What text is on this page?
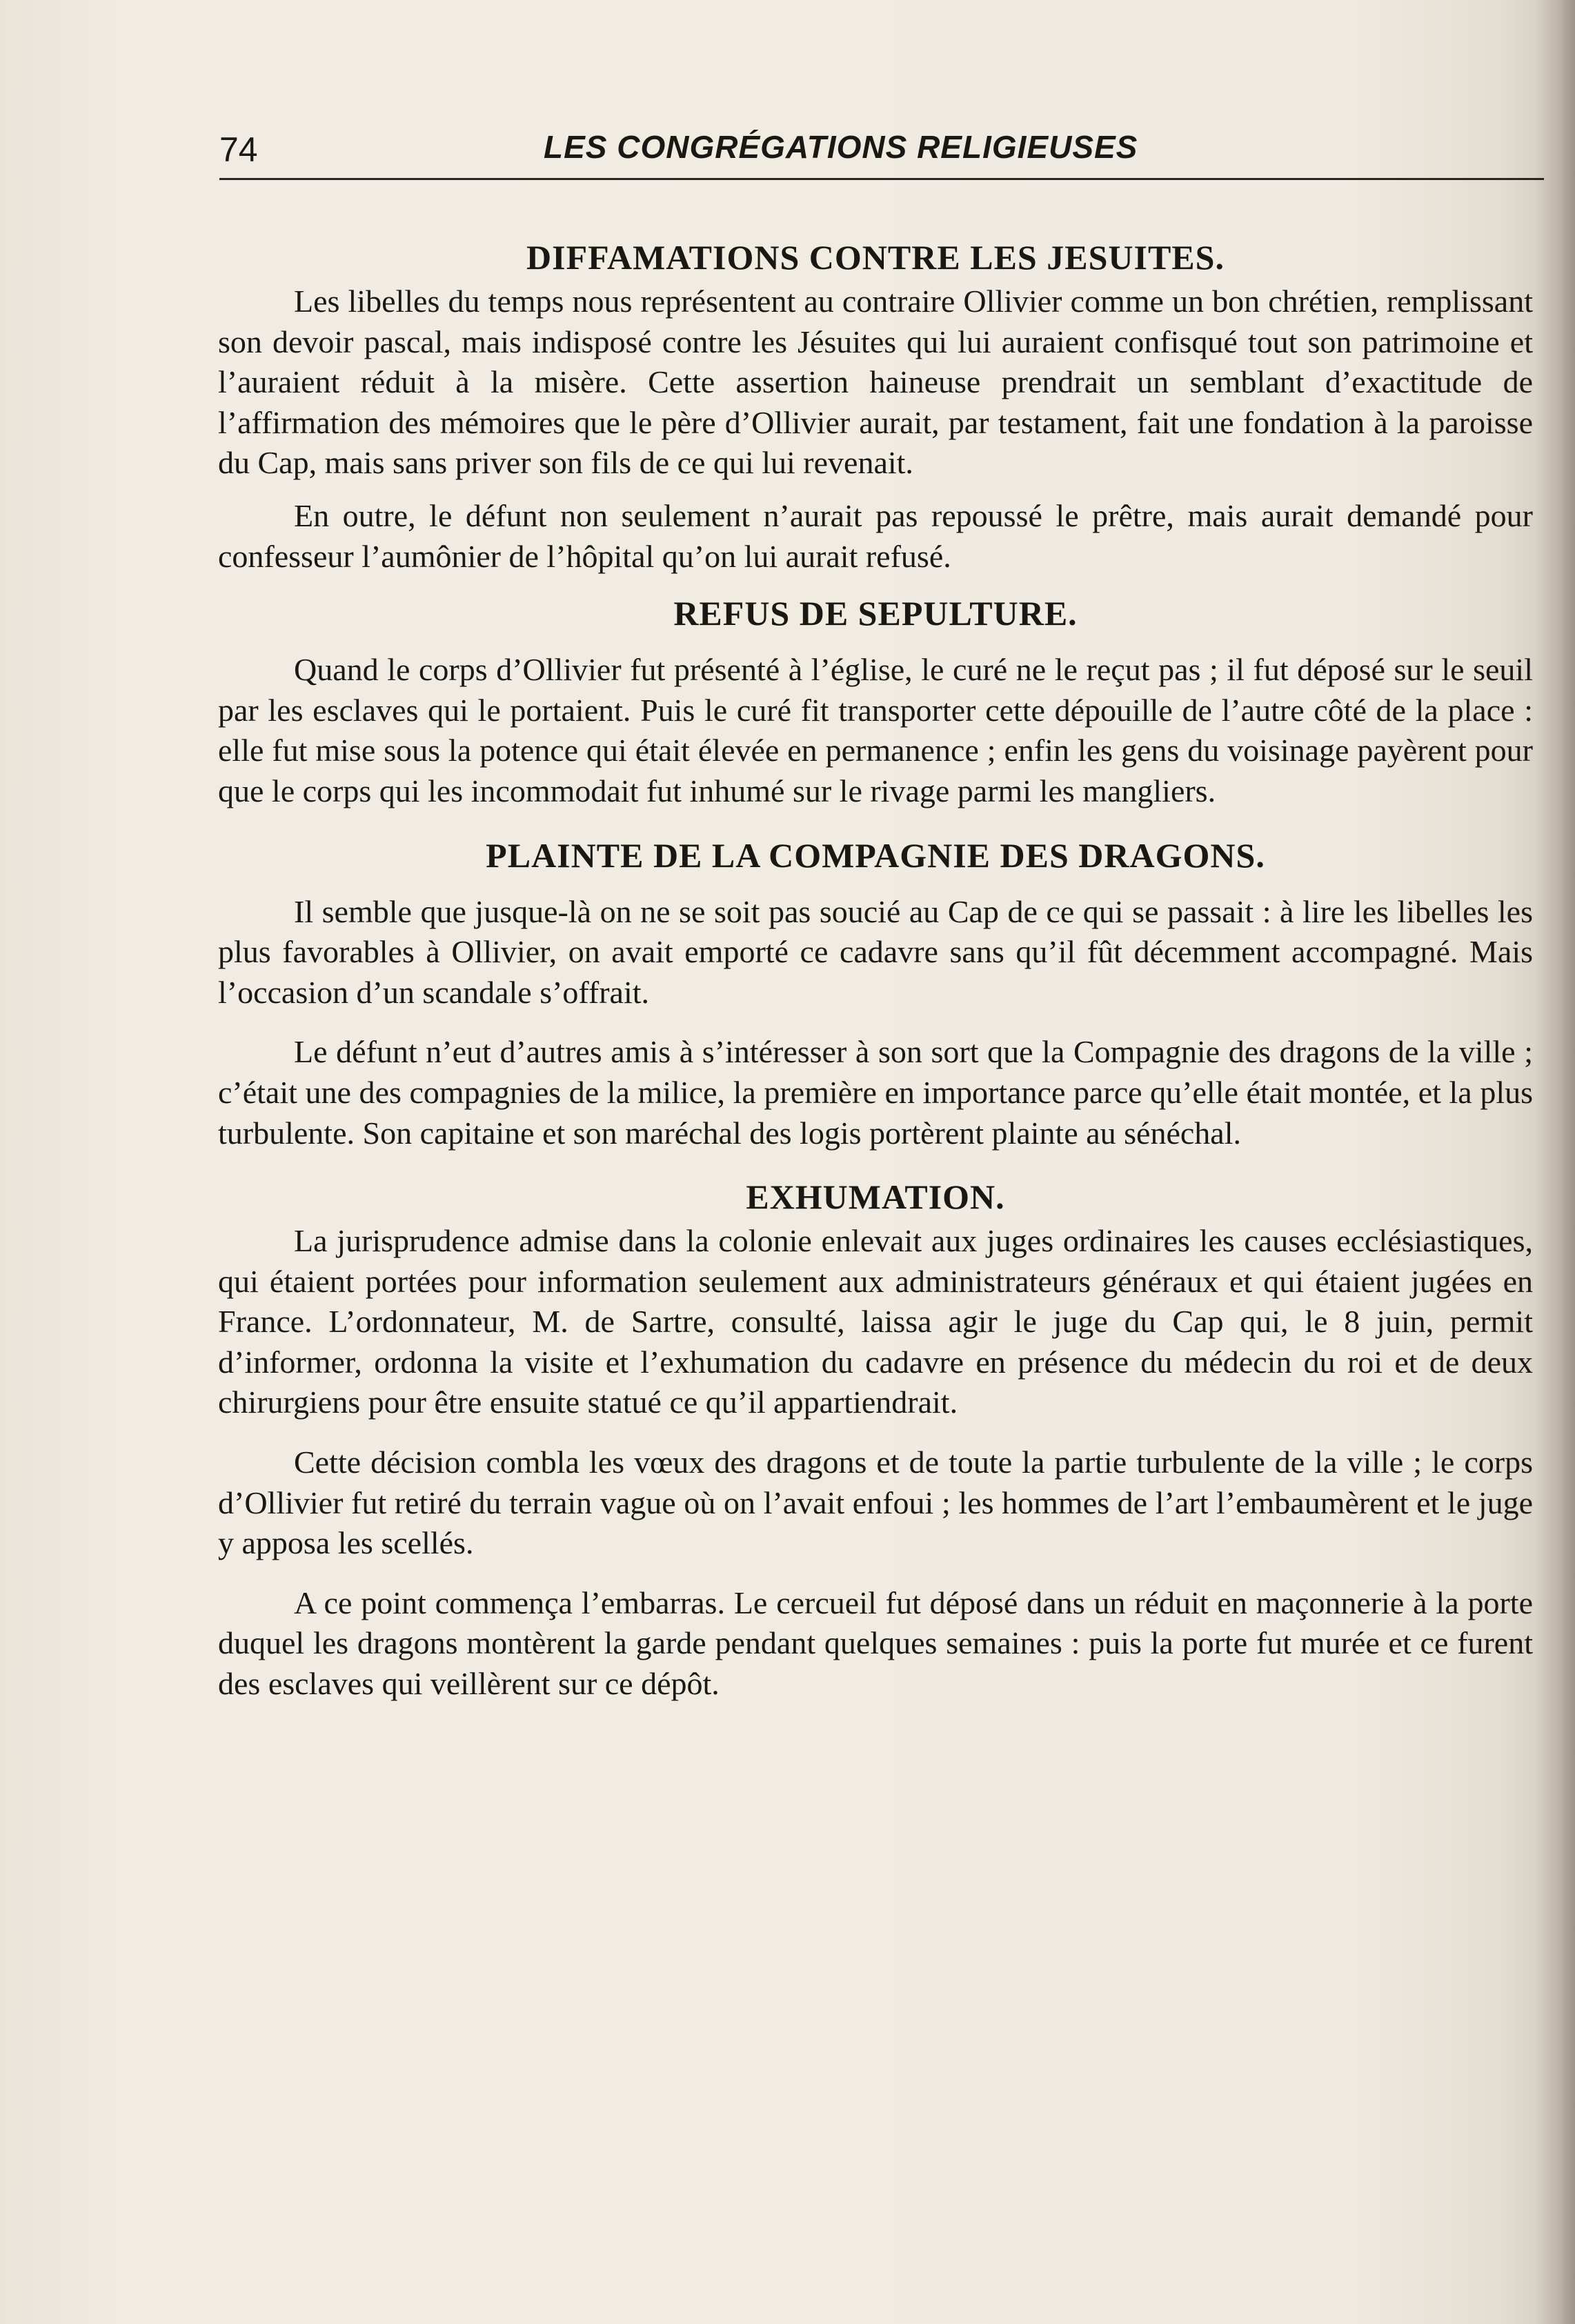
74	LES CONGRÉGATIONS RELIGIEUSES
DIFFAMATIONS CONTRE LES JESUITES.

Les libelles du temps nous représentent au contraire Ollivier comme un bon chrétien, remplissant son devoir pascal, mais indisposé contre les Jésuites qui lui auraient confisqué tout son patrimoine et l’auraient réduit à la misère. Cette assertion haineuse prendrait un semblant d’exactitude de l’affirmation des mémoires que le père d’Ollivier aurait, par testament, fait une fondation à la paroisse du Cap, mais sans priver son fils de ce qui lui revenait.

En outre, le défunt non seulement n’aurait pas repoussé le prêtre, mais aurait demandé pour confesseur l’aumônier de l’hôpital qu’on lui aurait refusé.

REFUS DE SEPULTURE.

Quand le corps d’Ollivier fut présenté à l’église, le curé ne le reçut pas ; il fut déposé sur le seuil par les esclaves qui le portaient. Puis le curé fit transporter cette dépouille de l’autre côté de la place : elle fut mise sous la potence qui était élevée en permanence ; enfin les gens du voisinage payèrent pour que le corps qui les incommodait fut inhumé sur le rivage parmi les mangliers.

PLAINTE DE LA COMPAGNIE DES DRAGONS.

Il semble que jusque-là on ne se soit pas soucié au Cap de ce qui se passait : à lire les libelles les plus favorables à Ollivier, on avait emporté ce cadavre sans qu’il fût décemment accompagné. Mais l’occasion d’un scandale s’offrait.

Le défunt n’eut d’autres amis à s’intéresser à son sort que la Compagnie des dragons de la ville ; c’était une des compagnies de la milice, la première en importance parce qu’elle était montée, et la plus turbulente. Son capitaine et son maréchal des logis portèrent plainte au sénéchal.

EXHUMATION.

La jurisprudence admise dans la colonie enlevait aux juges ordinaires les causes ecclésiastiques, qui étaient portées pour information seulement aux administrateurs généraux et qui étaient jugées en France. L’ordonnateur, M. de Sartre, consulté, laissa agir le juge du Cap qui, le 8 juin, permit d’informer, ordonna la visite et l’exhumation du cadavre en présence du médecin du roi et de deux chirurgiens pour être ensuite statué ce qu’il appartiendrait.

Cette décision combla les vœux des dragons et de toute la partie turbulente de la ville ; le corps d’Ollivier fut retiré du terrain vague où on l’avait enfoui ; les hommes de l’art l’embaumèrent et le juge y apposa les scellés.

A ce point commença l’embarras. Le cercueil fut déposé dans un réduit en maçonnerie à la porte duquel les dragons montèrent la garde pendant quelques semaines : puis la porte fut murée et ce furent des esclaves qui veillèrent sur ce dépôt.
